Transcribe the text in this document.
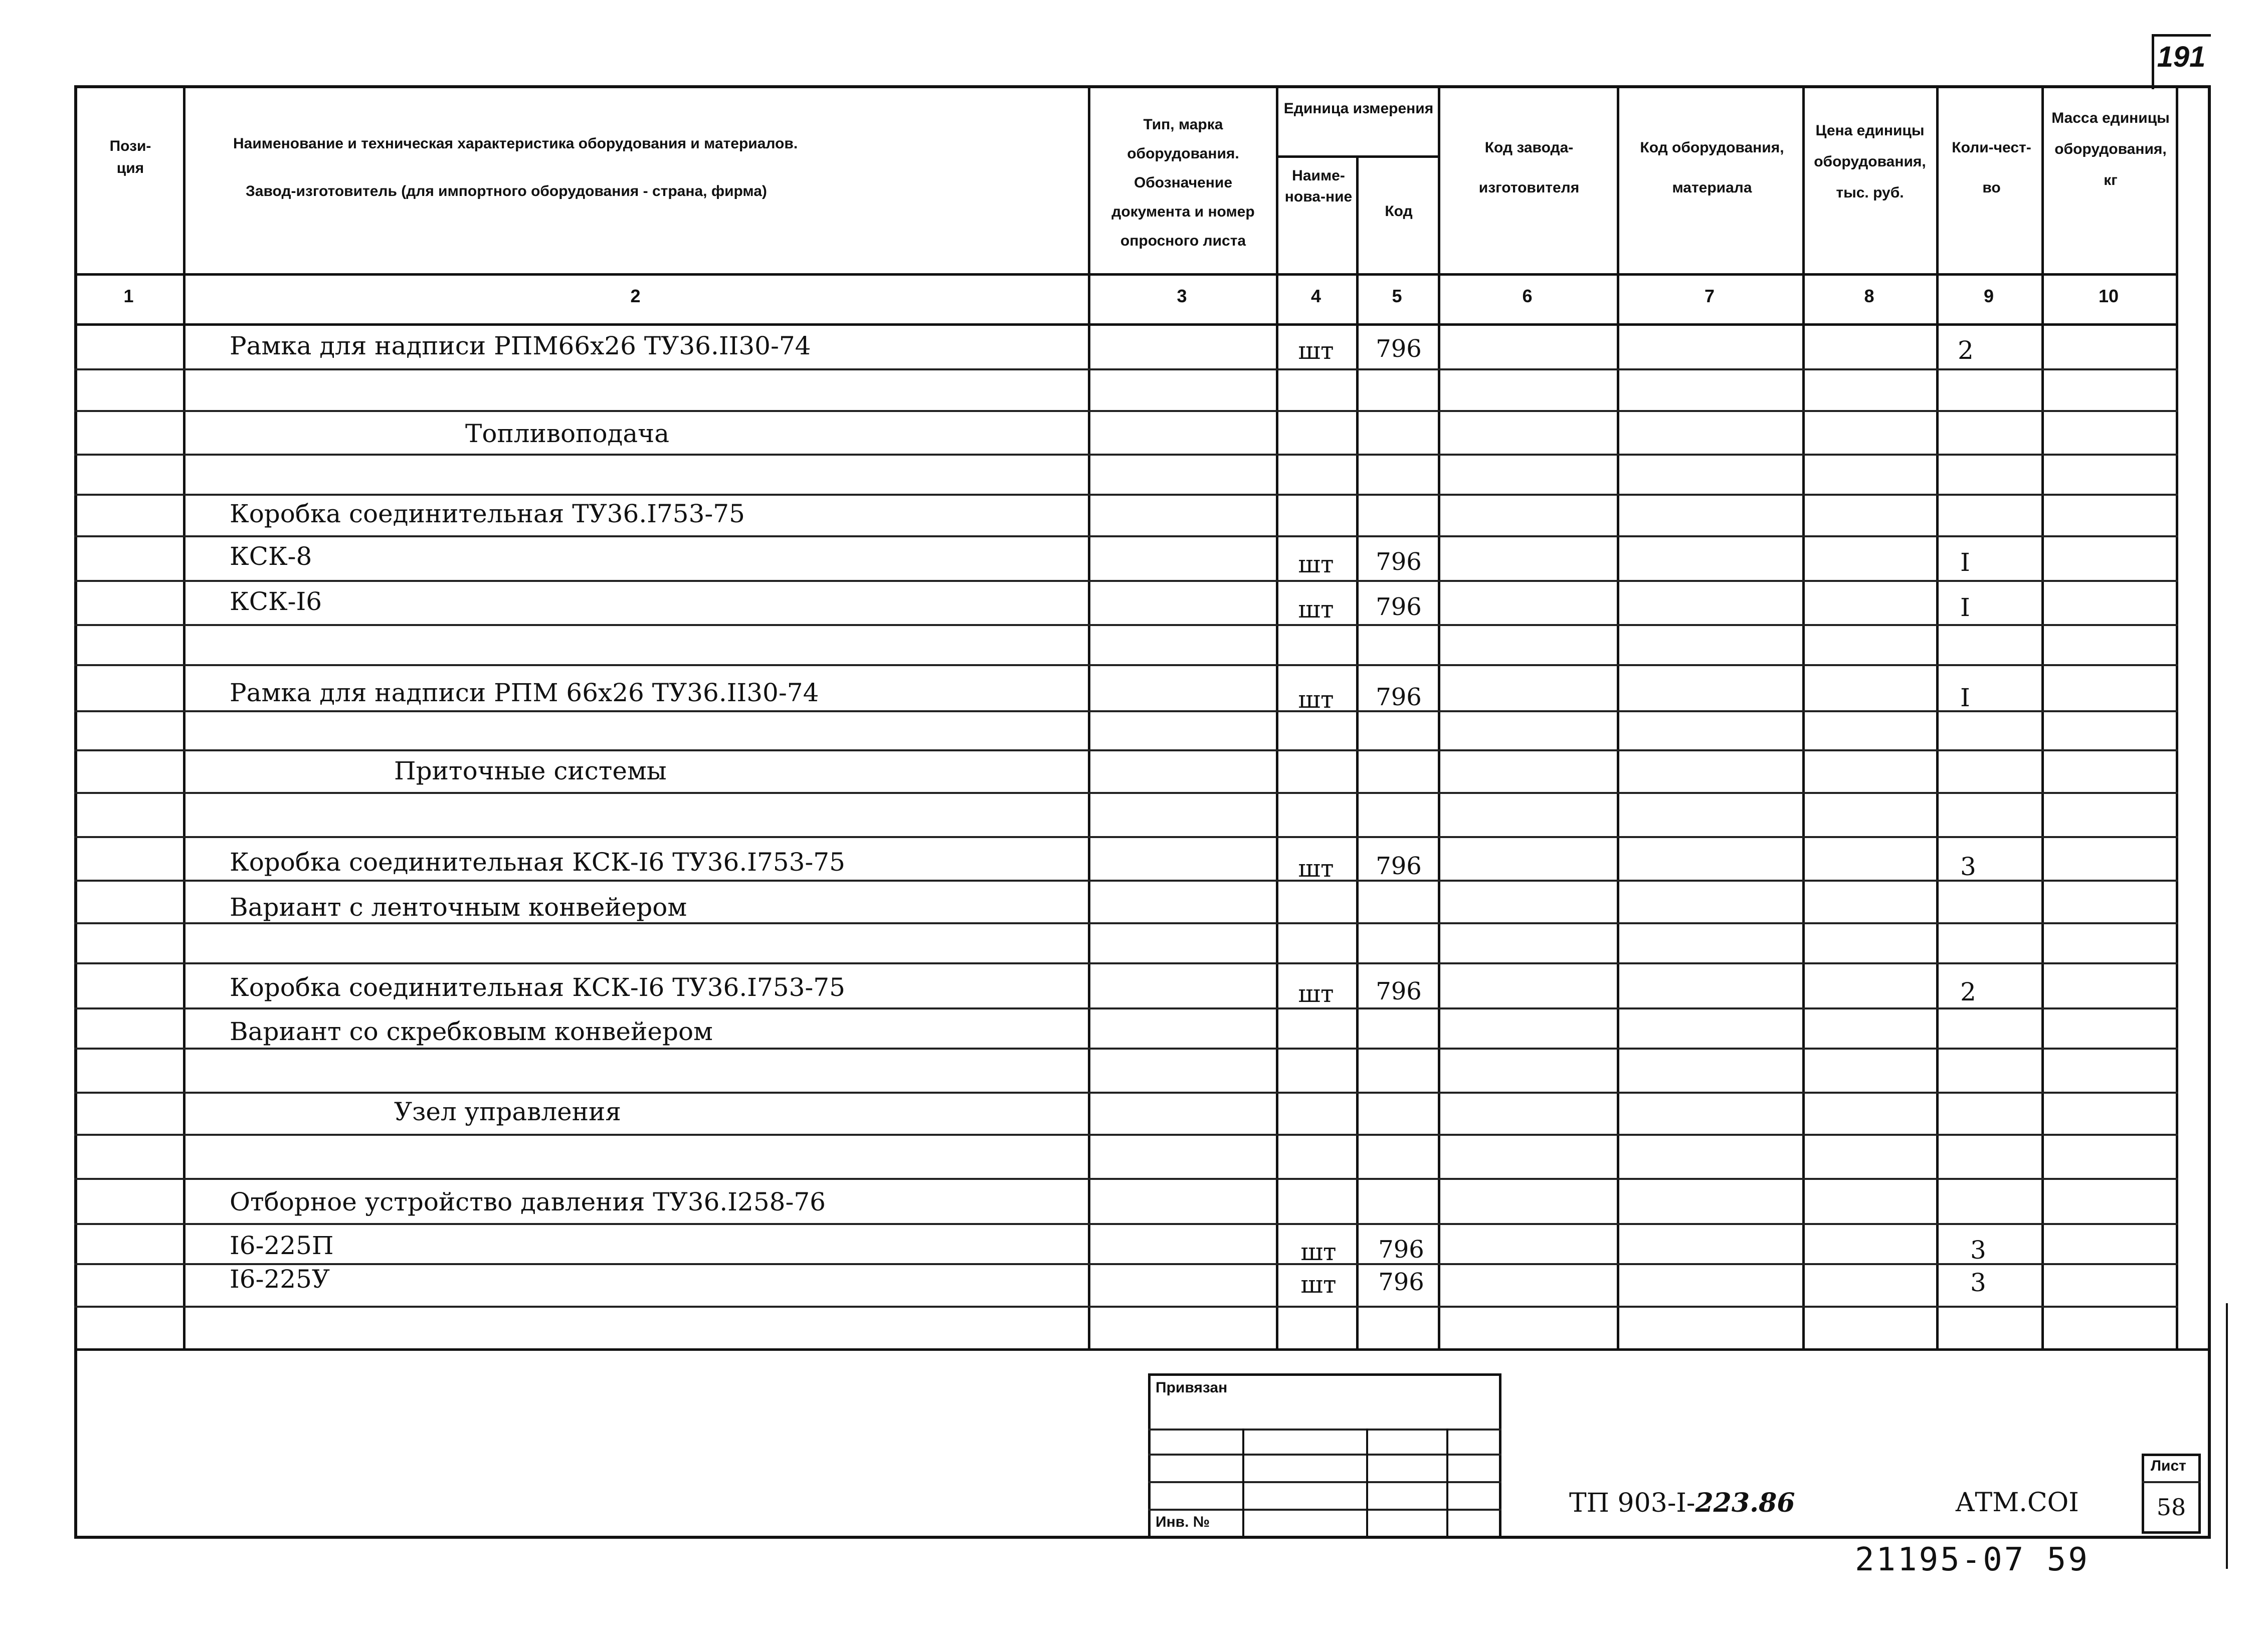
191
Пози-
ция
Наименование и техническая характеристика оборудования и материалов.
Завод-изготовитель (для импортного оборудования - страна, фирма)
Тип, марка оборудования. Обозначение документа и номер опросного листа
Единица измерения
Наиме-нова-ние
Код
Код завода-изготовителя
Код оборудования, материала
Цена единицы оборудования, тыс. руб.
Коли-чест-во
Масса единицы оборудования, кг
1	2	3	4	5	6	7	8	9	10
Рамка для надписи РПМ66х26 ТУ36.II30-74	шт	796	2
Топливоподача
Коробка соединительная ТУ36.I753-75
КСК-8	шт	796	I
КСК-I6	шт	796	I
Рамка для надписи РПМ 66х26 ТУ36.II30-74	шт	796	I
Приточные системы
Коробка соединительная КСК-I6 ТУ36.I753-75	шт	796	3
Вариант с ленточным конвейером
Коробка соединительная КСК-I6 ТУ36.I753-75	шт	796	2
Вариант со скребковым конвейером
Узел управления
Отборное устройство давления ТУ36.I258-76
I6-225П	шт	796	3
I6-225У	шт	796	3
Привязан
Инв. №
ТП 903-I-223.86	АТМ.СОI
Лист
58
21195-07 59
